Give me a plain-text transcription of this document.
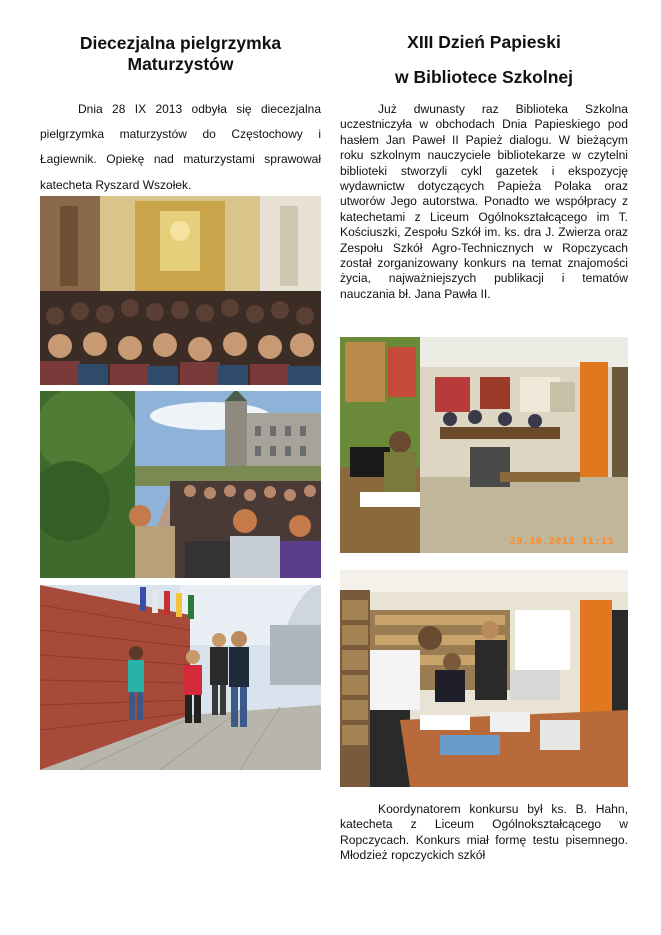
Diecezjalna pielgrzymka Maturzystów

Dnia 28 IX 2013 odbyła się diecezjalna pielgrzymka maturzystów do Częstochowy i Łagiewnik. Opiekę nad maturzystami sprawował katecheta Ryszard Wszołek.

XIII Dzień Papieski
w Bibliotece Szkolnej

Już dwunasty raz Biblioteka Szkolna uczestniczyła w obchodach Dnia Papieskiego pod hasłem Jan Paweł II Papież dialogu. W bieżącym roku szkolnym nauczyciele bibliotekarze w czytelni biblioteki stworzyli cykl gazetek i ekspozycję wydawnictw dotyczących Papieża Polaka oraz utworów Jego autorstwa. Ponadto we współpracy z katechetami z Liceum Ogólnokształcącego im T. Kościuszki, Zespołu Szkół im. ks. dra J. Zwierza oraz Zespołu Szkół Agro-Technicznych w Ropczycach został zorganizowany konkurs na temat znajomości życia, najważniejszych publikacji i tematów nauczania bł. Jana Pawła II.

29.10.2013 11:11

Koordynatorem konkursu był ks. B. Hahn, katecheta z Liceum Ogólnokształcącego w Ropczycach. Konkurs miał formę testu pisemnego. Młodzież ropczyckich szkół
